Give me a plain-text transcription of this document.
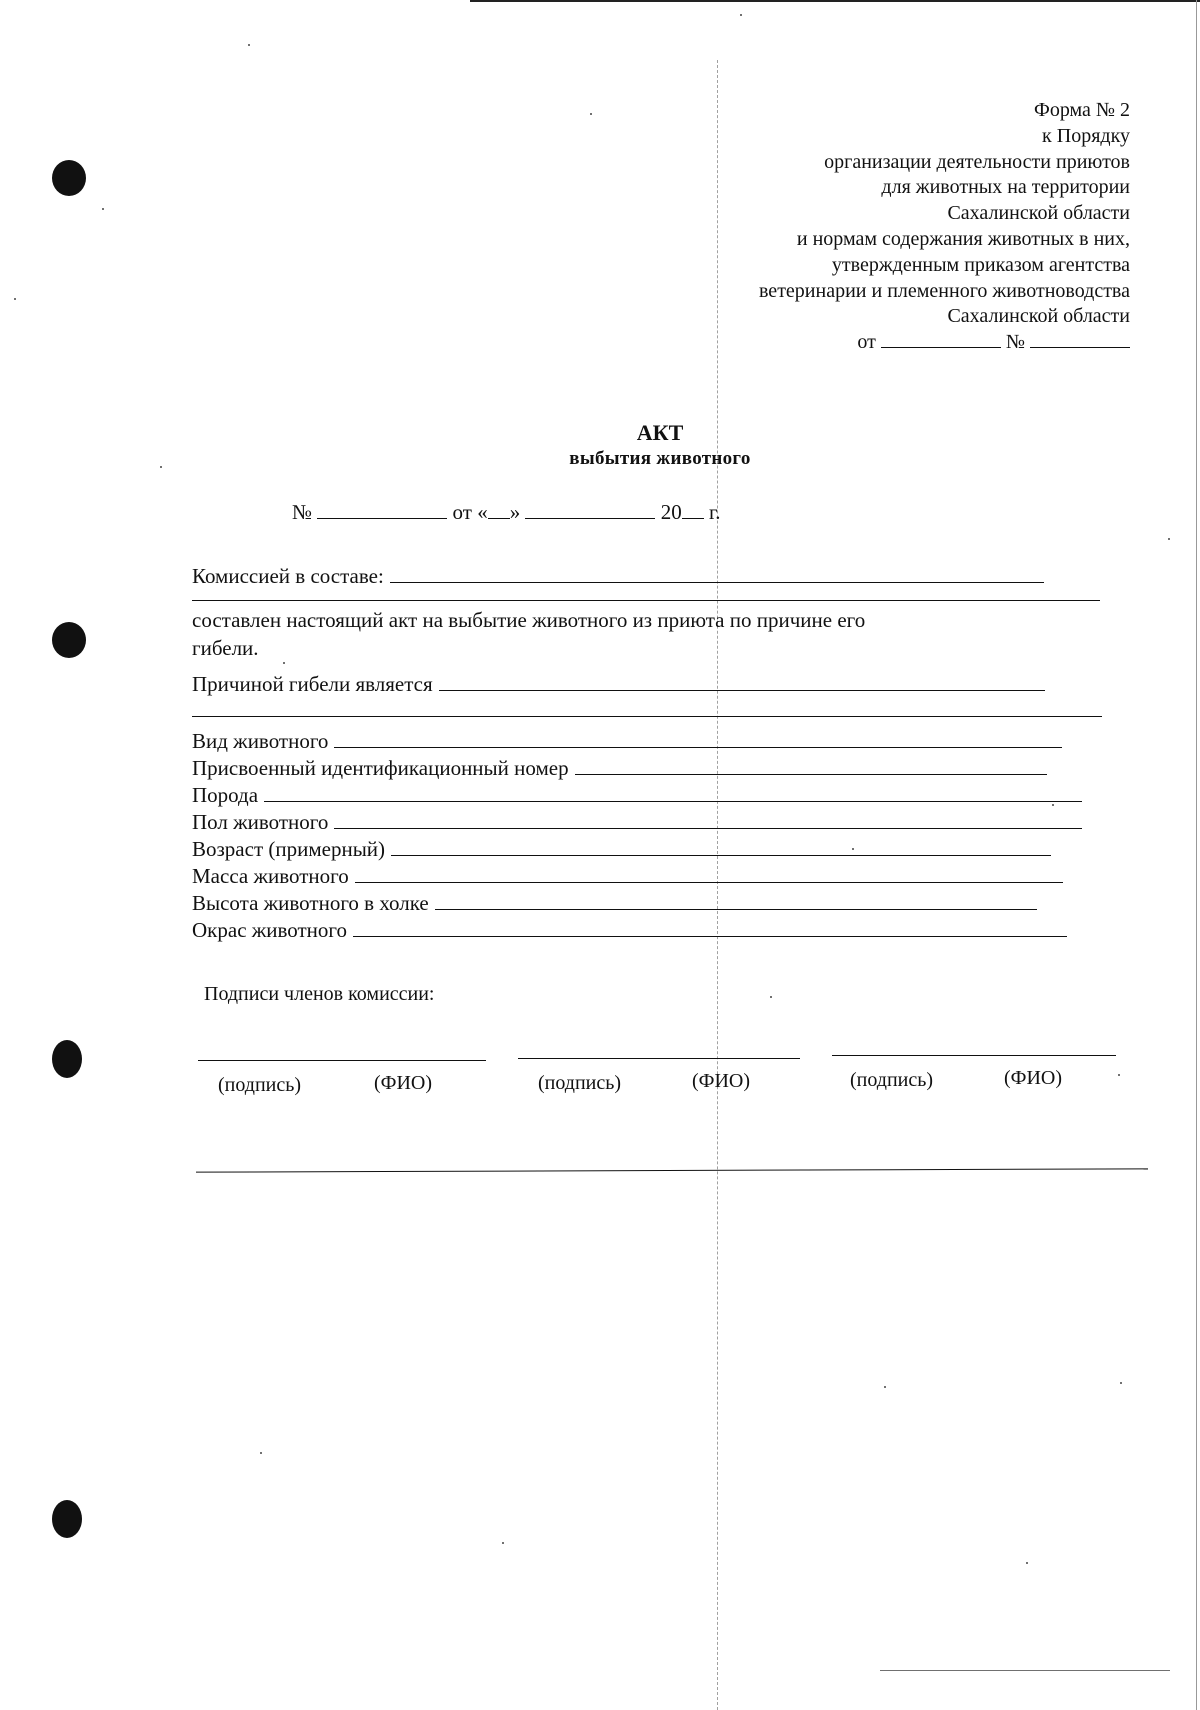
Форма № 2
к Порядку
организации деятельности приютов
для животных на территории
Сахалинской области
и нормам содержания животных в них,
утвержденным приказом агентства
ветеринарии и племенного животноводства
Сахалинской области
от	№
АКТ
выбытия животного
№	от « »	20 г.
Комиссией в составе:
составлен настоящий акт на выбытие животного из приюта по причине его
гибели.
Причиной гибели является
Вид животного
Присвоенный идентификационный номер
Порода
Пол животного
Возраст (примерный)
Масса животного
Высота животного в холке
Окрас животного
Подписи членов комиссии:
(подпись)	(ФИО)	(подпись)	(ФИО)	(подпись)	(ФИО)
